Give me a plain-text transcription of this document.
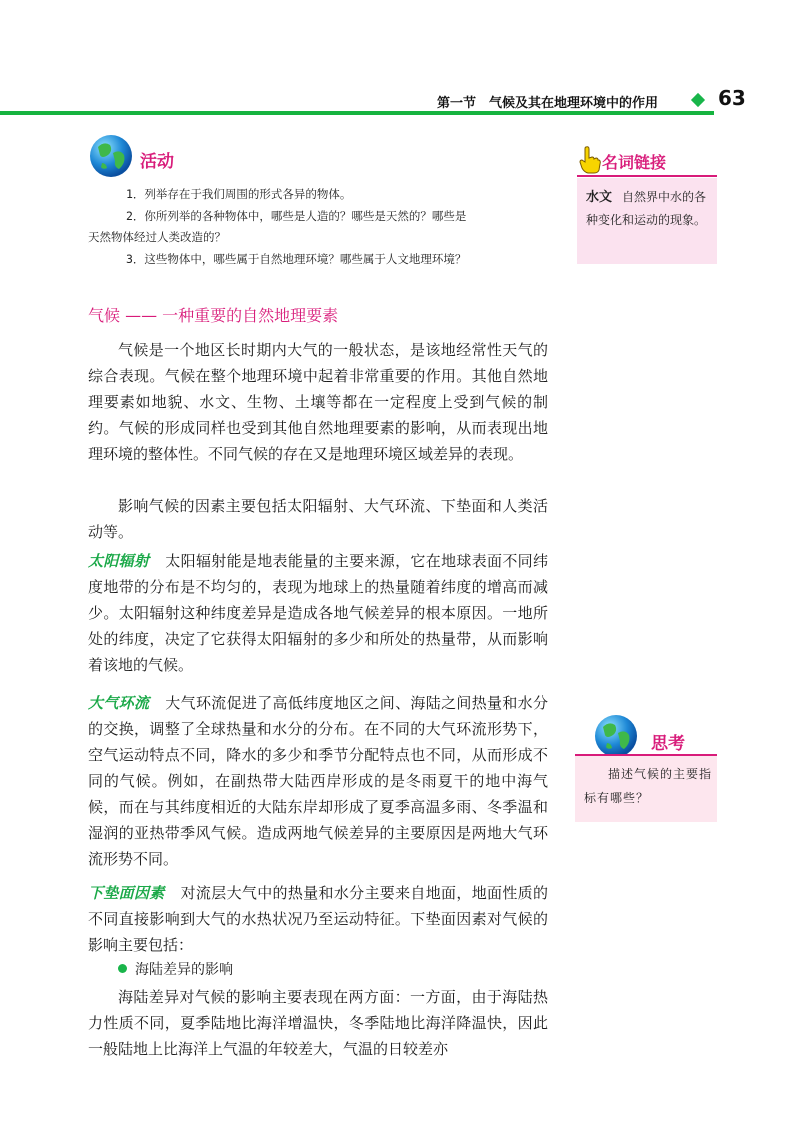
第一节　气候及其在地理环境中的作用	63
活动
1．列举存在于我们周围的形式各异的物体。
2．你所列举的各种物体中，哪些是人造的？哪些是天然的？哪些是
天然物体经过人类改造的？
3．这些物体中，哪些属于自然地理环境？哪些属于人文地理环境？
气候 —— 一种重要的自然地理要素

气候是一个地区长时期内大气的一般状态，是该地经常性天气的综合表现。气候在整个地理环境中起着非常重要的作用。其他自然地理要素如地貌、水文、生物、土壤等都在一定程度上受到气候的制约。气候的形成同样也受到其他自然地理要素的影响，从而表现出地理环境的整体性。不同气候的存在又是地理环境区域差异的表现。

影响气候的因素主要包括太阳辐射、大气环流、下垫面和人类活动等。

太阳辐射 太阳辐射能是地表能量的主要来源，它在地球表面不同纬度地带的分布是不均匀的，表现为地球上的热量随着纬度的增高而减少。太阳辐射这种纬度差异是造成各地气候差异的根本原因。一地所处的纬度，决定了它获得太阳辐射的多少和所处的热量带，从而影响着该地的气候。

大气环流 大气环流促进了高低纬度地区之间、海陆之间热量和水分的交换，调整了全球热量和水分的分布。在不同的大气环流形势下，空气运动特点不同，降水的多少和季节分配特点也不同，从而形成不同的气候。例如，在副热带大陆西岸形成的是冬雨夏干的地中海气候，而在与其纬度相近的大陆东岸却形成了夏季高温多雨、冬季温和湿润的亚热带季风气候。造成两地气候差异的主要原因是两地大气环流形势不同。

下垫面因素 对流层大气中的热量和水分主要来自地面，地面性质的不同直接影响到大气的水热状况乃至运动特征。下垫面因素对气候的影响主要包括：

海陆差异的影响

海陆差异对气候的影响主要表现在两方面：一方面，由于海陆热力性质不同，夏季陆地比海洋增温快，冬季陆地比海洋降温快，因此一般陆地上比海洋上气温的年较差大，气温的日较差亦

名词链接
水文 自然界中水的各种变化和运动的现象。
思考
描述气候的主要指标有哪些？
